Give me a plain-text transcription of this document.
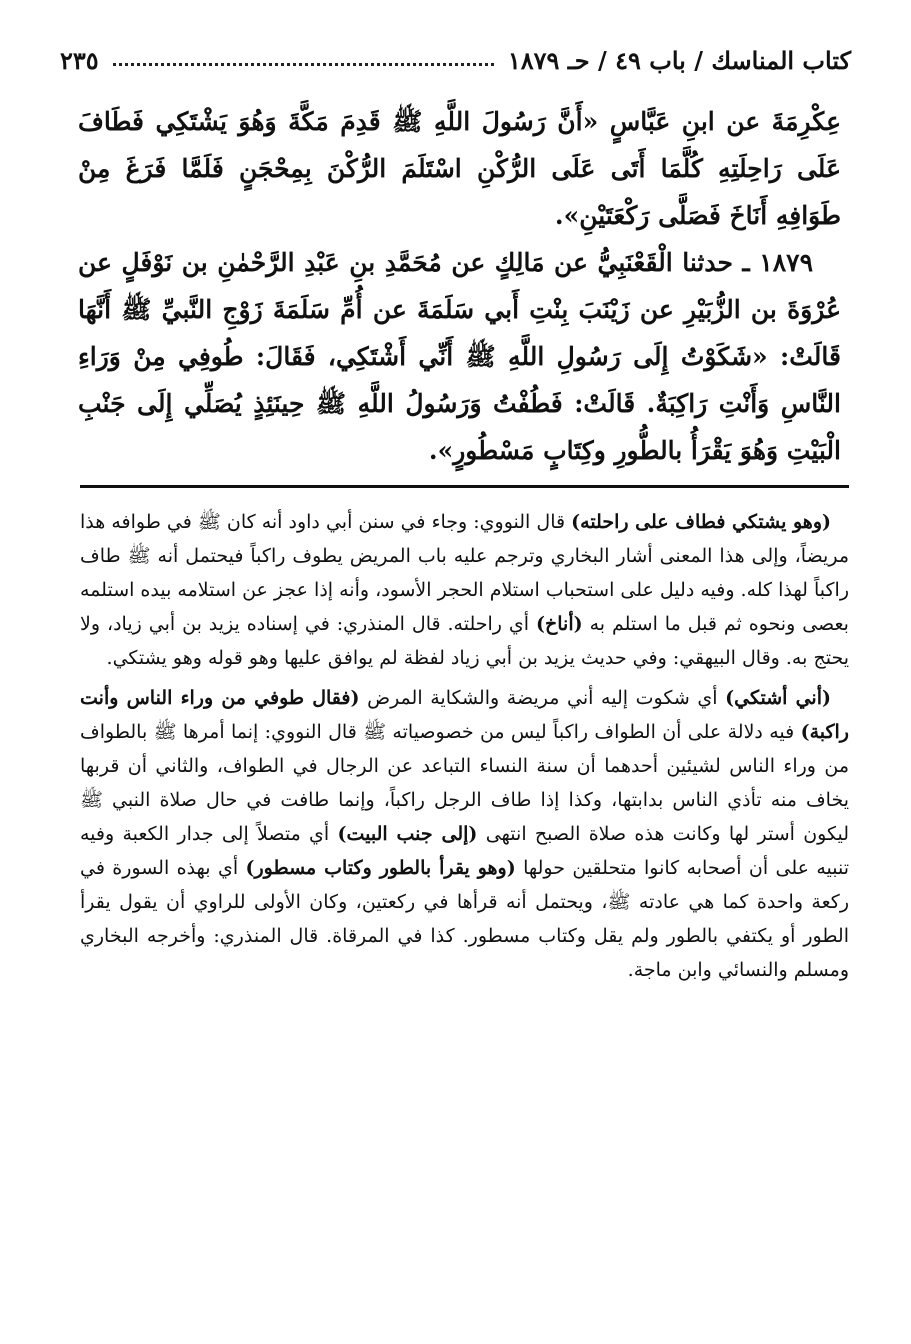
كتاب المناسك / باب ٤٩ / حـ ١٨٧٩
٢٣٥

عِكْرِمَةَ عن ابنِ عَبَّاسٍ «أَنَّ رَسُولَ اللَّهِ ﷺ قَدِمَ مَكَّةَ وَهُوَ يَشْتَكِي فَطَافَ عَلَى رَاحِلَتِهِ كُلَّمَا أَتَى عَلَى الرُّكْنِ اسْتَلَمَ الرُّكْنَ بِمِحْجَنٍ فَلَمَّا فَرَغَ مِنْ طَوَافِهِ أَنَاخَ فَصَلَّى رَكْعَتَيْنِ».

١٨٧٩ ـ حدثنا الْقَعْنَبِيُّ عن مَالِكٍ عن مُحَمَّدِ بنِ عَبْدِ الرَّحْمٰنِ بن نَوْفَلٍ عن عُرْوَةَ بن الزُّبَيْرِ عن زَيْنَبَ بِنْتِ أَبي سَلَمَةَ عن أُمِّ سَلَمَةَ زَوْجِ النَّبيِّ ﷺ أَنَّهَا قَالَتْ: «شَكَوْتُ إِلَى رَسُولِ اللَّهِ ﷺ أَنِّي أَشْتَكِي، فَقَالَ: طُوفِي مِنْ وَرَاءِ النَّاسِ وَأَنْتِ رَاكِبَةٌ. قَالَتْ: فَطُفْتُ وَرَسُولُ اللَّهِ ﷺ حِينَئِذٍ يُصَلِّي إِلَى جَنْبِ الْبَيْتِ وَهُوَ يَقْرَأُ بالطُّورِ وكِتَابٍ مَسْطُورٍ».

(وهو يشتكي فطاف على راحلته) قال النووي: وجاء في سنن أبي داود أنه كان ﷺ في طوافه هذا مريضاً، وإلى هذا المعنى أشار البخاري وترجم عليه باب المريض يطوف راكباً فيحتمل أنه ﷺ طاف راكباً لهذا كله. وفيه دليل على استحباب استلام الحجر الأسود، وأنه إذا عجز عن استلامه بيده استلمه بعصى ونحوه ثم قبل ما استلم به (أناخ) أي راحلته. قال المنذري: في إسناده يزيد بن أبي زياد، ولا يحتج به. وقال البيهقي: وفي حديث يزيد بن أبي زياد لفظة لم يوافق عليها وهو قوله وهو يشتكي.

(أني أشتكي) أي شكوت إليه أني مريضة والشكاية المرض (فقال طوفي من وراء الناس وأنت راكبة) فيه دلالة على أن الطواف راكباً ليس من خصوصياته ﷺ قال النووي: إنما أمرها ﷺ بالطواف من وراء الناس لشيئين أحدهما أن سنة النساء التباعد عن الرجال في الطواف، والثاني أن قربها يخاف منه تأذي الناس بدابتها، وكذا إذا طاف الرجل راكباً، وإنما طافت في حال صلاة النبي ﷺ ليكون أستر لها وكانت هذه صلاة الصبح انتهى (إلى جنب البيت) أي متصلاً إلى جدار الكعبة وفيه تنبيه على أن أصحابه كانوا متحلقين حولها (وهو يقرأ بالطور وكتاب مسطور) أي بهذه السورة في ركعة واحدة كما هي عادته ﷺ، ويحتمل أنه قرأها في ركعتين، وكان الأولى للراوي أن يقول يقرأ الطور أو يكتفي بالطور ولم يقل وكتاب مسطور. كذا في المرقاة. قال المنذري: وأخرجه البخاري ومسلم والنسائي وابن ماجة.
